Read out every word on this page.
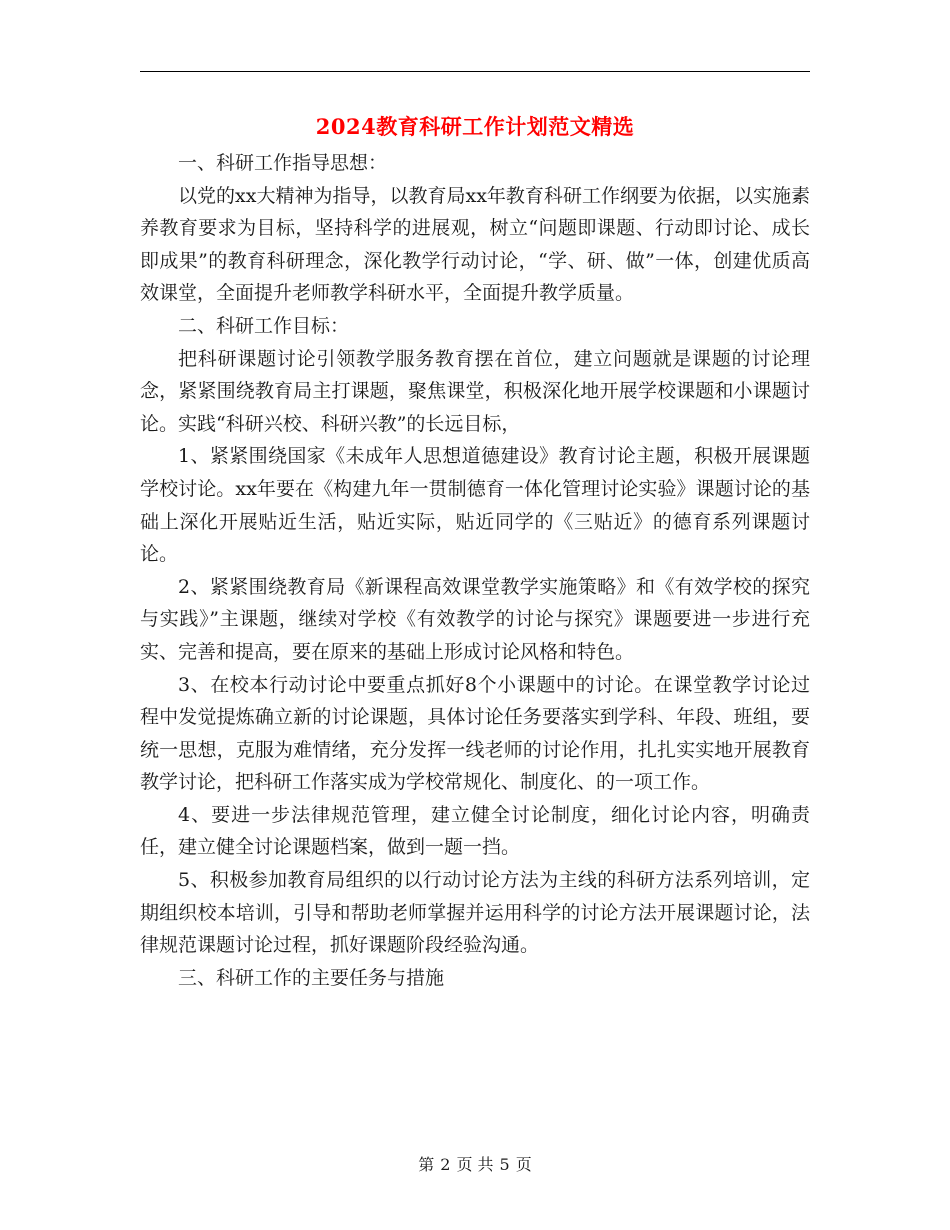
2024教育科研工作计划范文精选

一、科研工作指导思想：

以党的xx大精神为指导，以教育局xx年教育科研工作纲要为依据，以实施素养教育要求为目标，坚持科学的进展观，树立“问题即课题、行动即讨论、成长即成果”的教育科研理念，深化教学行动讨论，“学、研、做”一体，创建优质高效课堂，全面提升老师教学科研水平，全面提升教学质量。

二、科研工作目标：

把科研课题讨论引领教学服务教育摆在首位，建立问题就是课题的讨论理念，紧紧围绕教育局主打课题，聚焦课堂，积极深化地开展学校课题和小课题讨论。实践“科研兴校、科研兴教”的长远目标，

1、紧紧围绕国家《未成年人思想道德建设》教育讨论主题，积极开展课题学校讨论。xx年要在《构建九年一贯制德育一体化管理讨论实验》课题讨论的基础上深化开展贴近生活，贴近实际，贴近同学的《三贴近》的德育系列课题讨论。

2、紧紧围绕教育局《新课程高效课堂教学实施策略》和《有效学校的探究与实践》”主课题，继续对学校《有效教学的讨论与探究》课题要进一步进行充实、完善和提高，要在原来的基础上形成讨论风格和特色。

3、在校本行动讨论中要重点抓好8个小课题中的讨论。在课堂教学讨论过程中发觉提炼确立新的讨论课题，具体讨论任务要落实到学科、年段、班组，要统一思想，克服为难情绪，充分发挥一线老师的讨论作用，扎扎实实地开展教育教学讨论，把科研工作落实成为学校常规化、制度化、的一项工作。

4、要进一步法律规范管理，建立健全讨论制度，细化讨论内容，明确责任，建立健全讨论课题档案，做到一题一挡。

5、积极参加教育局组织的以行动讨论方法为主线的科研方法系列培训，定期组织校本培训，引导和帮助老师掌握并运用科学的讨论方法开展课题讨论，法律规范课题讨论过程，抓好课题阶段经验沟通。

三、科研工作的主要任务与措施

第 2 页 共 5 页
